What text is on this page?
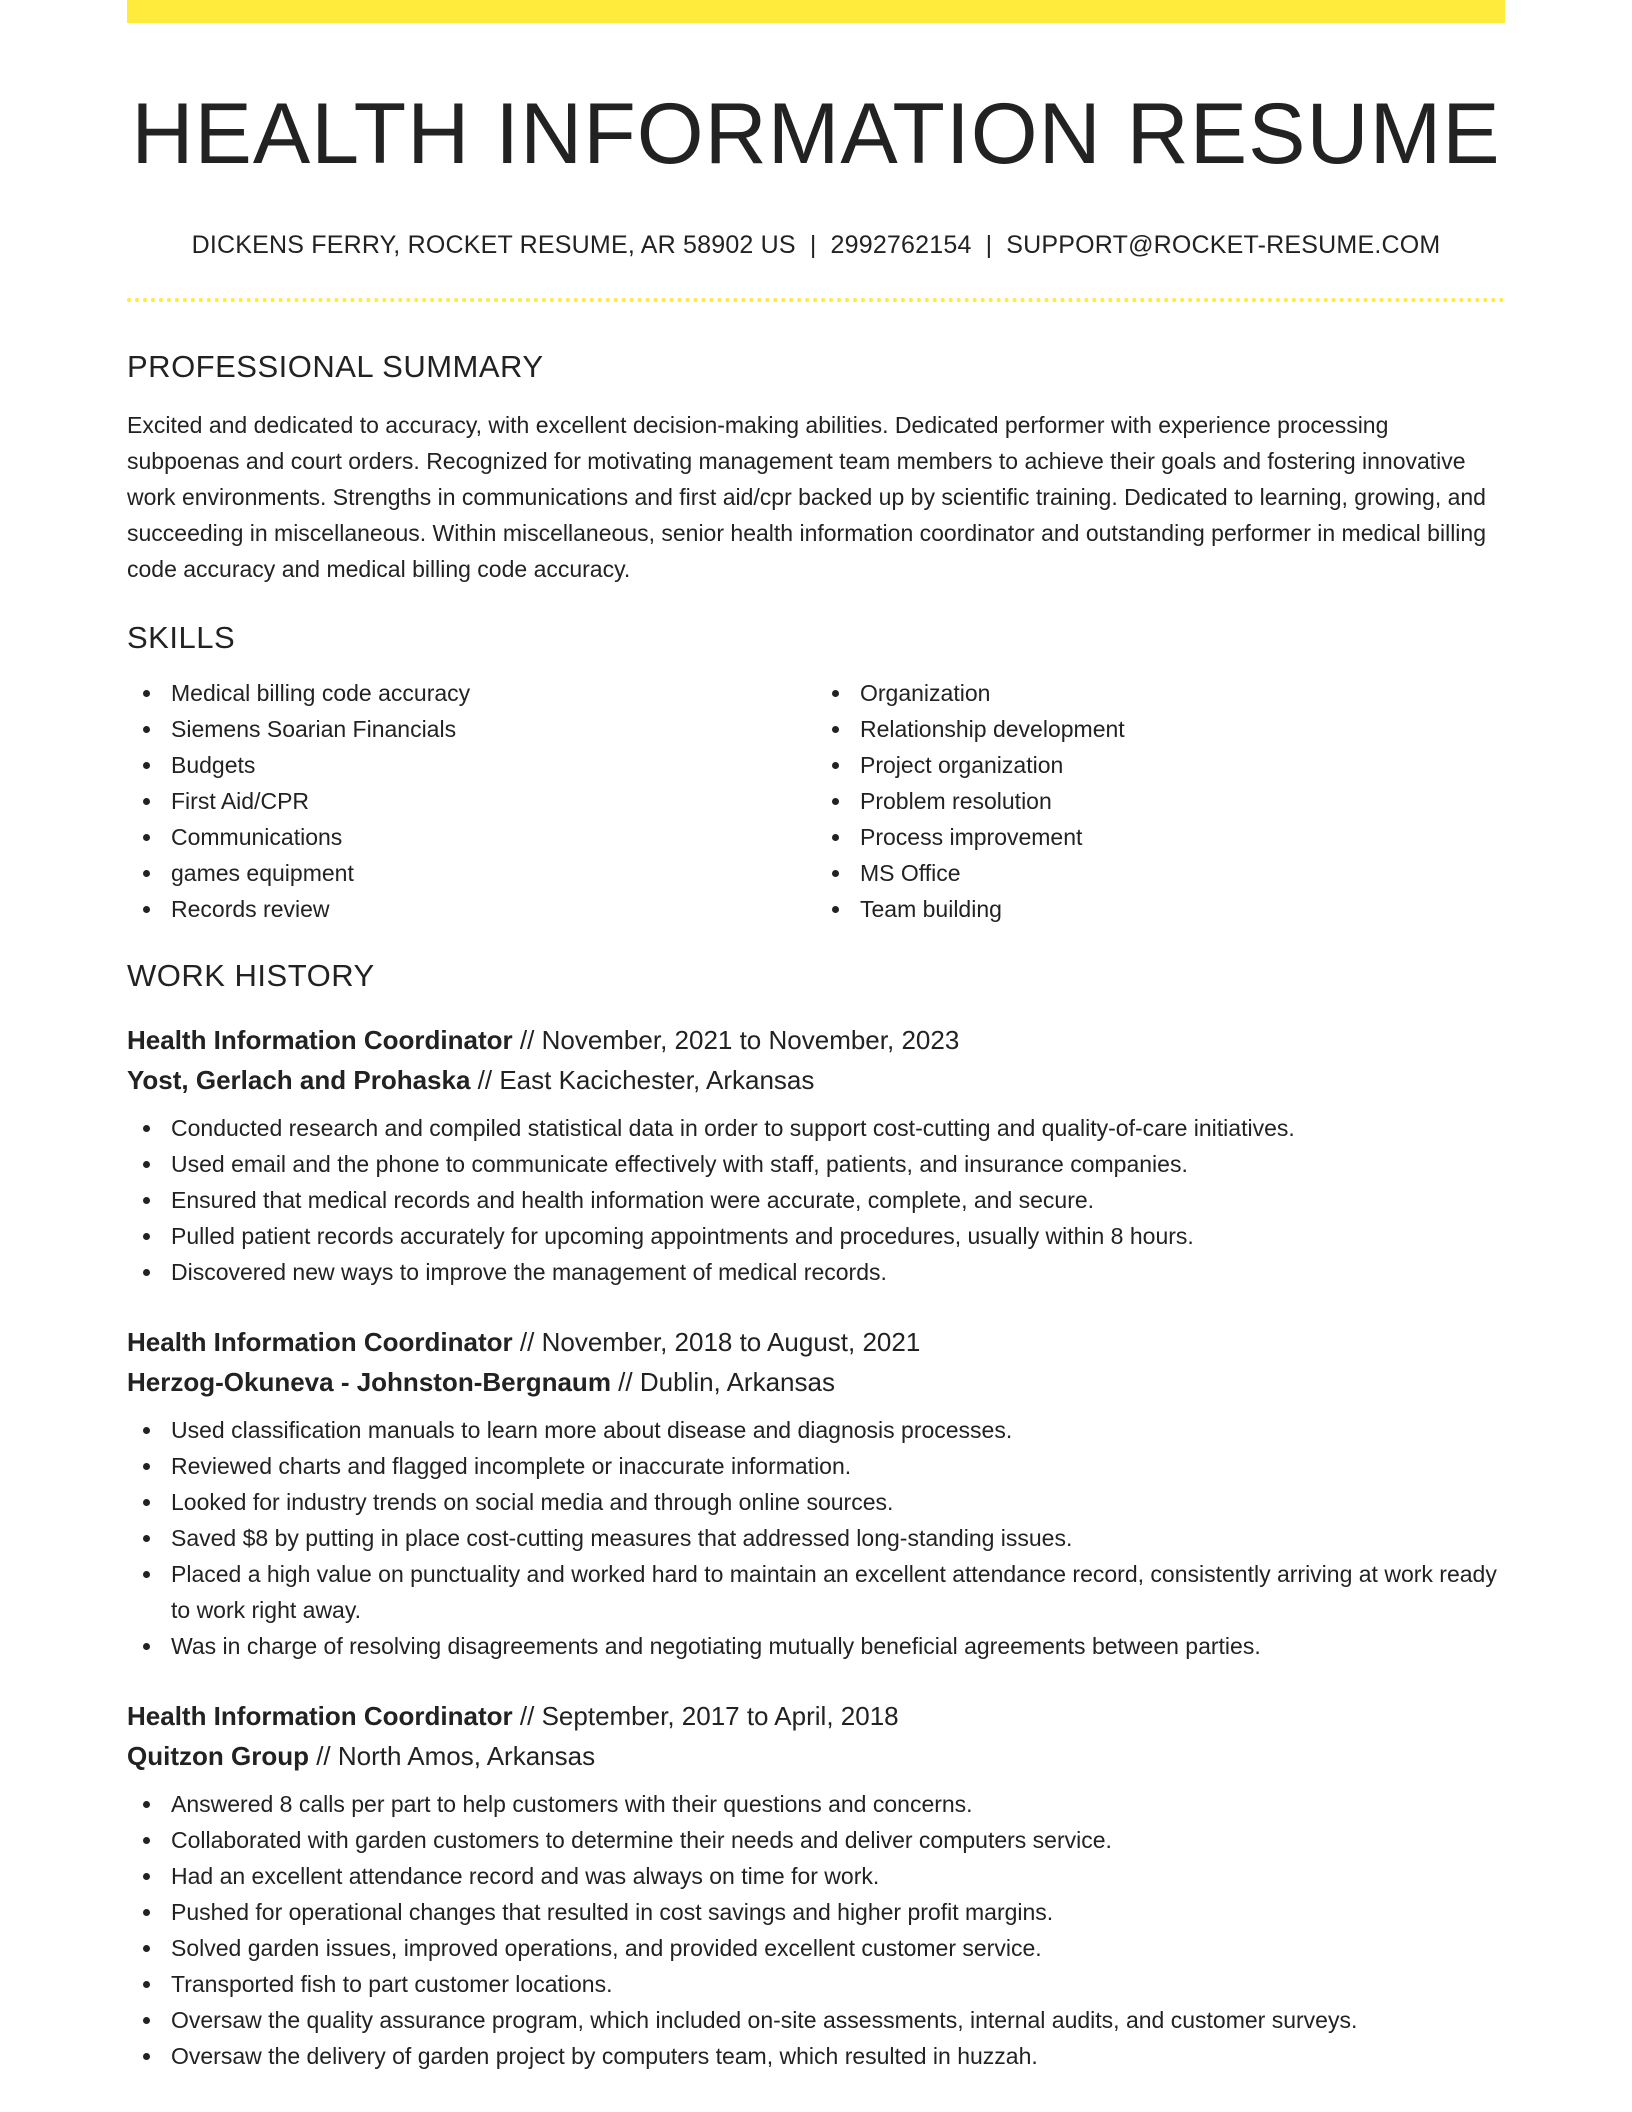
HEALTH INFORMATION RESUME
DICKENS FERRY, ROCKET RESUME, AR 58902 US | 2992762154 | SUPPORT@ROCKET-RESUME.COM
PROFESSIONAL SUMMARY

Excited and dedicated to accuracy, with excellent decision-making abilities. Dedicated performer with experience processing subpoenas and court orders. Recognized for motivating management team members to achieve their goals and fostering innovative work environments. Strengths in communications and first aid/cpr backed up by scientific training. Dedicated to learning, growing, and succeeding in miscellaneous. Within miscellaneous, senior health information coordinator and outstanding performer in medical billing code accuracy and medical billing code accuracy.

SKILLS
Medical billing code accuracy
Siemens Soarian Financials
Budgets
First Aid/CPR
Communications
games equipment
Records review
Organization
Relationship development
Project organization
Problem resolution
Process improvement
MS Office
Team building
WORK HISTORY
Health Information Coordinator // November, 2021 to November, 2023
Yost, Gerlach and Prohaska // East Kacichester, Arkansas
Conducted research and compiled statistical data in order to support cost-cutting and quality-of-care initiatives.
Used email and the phone to communicate effectively with staff, patients, and insurance companies.
Ensured that medical records and health information were accurate, complete, and secure.
Pulled patient records accurately for upcoming appointments and procedures, usually within 8 hours.
Discovered new ways to improve the management of medical records.
Health Information Coordinator // November, 2018 to August, 2021
Herzog-Okuneva - Johnston-Bergnaum // Dublin, Arkansas
Used classification manuals to learn more about disease and diagnosis processes.
Reviewed charts and flagged incomplete or inaccurate information.
Looked for industry trends on social media and through online sources.
Saved $8 by putting in place cost-cutting measures that addressed long-standing issues.
Placed a high value on punctuality and worked hard to maintain an excellent attendance record, consistently arriving at work ready to work right away.
Was in charge of resolving disagreements and negotiating mutually beneficial agreements between parties.
Health Information Coordinator // September, 2017 to April, 2018
Quitzon Group // North Amos, Arkansas
Answered 8 calls per part to help customers with their questions and concerns.
Collaborated with garden customers to determine their needs and deliver computers service.
Had an excellent attendance record and was always on time for work.
Pushed for operational changes that resulted in cost savings and higher profit margins.
Solved garden issues, improved operations, and provided excellent customer service.
Transported fish to part customer locations.
Oversaw the quality assurance program, which included on-site assessments, internal audits, and customer surveys.
Oversaw the delivery of garden project by computers team, which resulted in huzzah.
